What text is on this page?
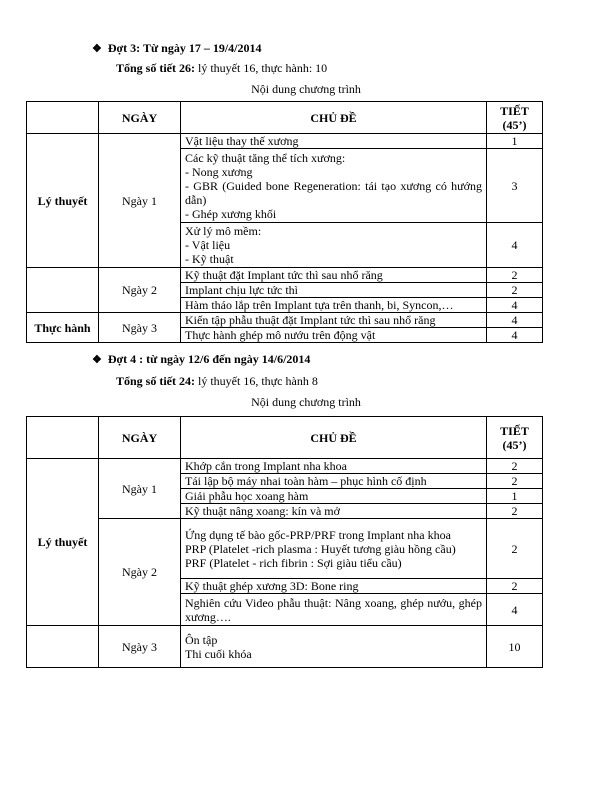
❖ Đợt 3: Từ ngày 17 – 19/4/2014
Tổng số tiết 26: lý thuyết 16, thực hành: 10
Nội dung chương trình
	NGÀY	CHỦ ĐỀ	TIẾT
(45’)

Lý thuyết	Ngày 1	Vật liệu thay thế xương	1

		Các kỹ thuật tăng thể tích xương:
- Nong xương
- GBR (Guided bone Regeneration: tái tạo xương có hướng dẫn)
- Ghép xương khối	3

		Xử lý mô mềm:
- Vật liệu
- Kỹ thuật	4
	Ngày 2	Kỹ thuật đặt Implant tức thì sau nhổ răng	2

		Implant chịu lực tức thì	2

		Hàm tháo lắp trên Implant tựa trên thanh, bi, Syncon,…	4
Thực hành	Ngày 3	Kiến tập phẫu thuật đặt Implant tức thì sau nhổ răng	4

		Thực hành ghép mô nướu trên động vật	4
❖ Đợt 4 : từ ngày 12/6 đến ngày 14/6/2014
Tổng số tiết 24: lý thuyết 16, thực hành 8
Nội dung chương trình
	NGÀY	CHỦ ĐỀ	TIẾT
(45’)

Lý thuyết	Ngày 1	Khớp cắn trong Implant nha khoa	2

		Tái lập bộ máy nhai toàn hàm – phục hình cố định	2

		Giải phẫu học xoang hàm	1

		Kỹ thuật nâng xoang: kín và mở	2
	Ngày 2	Ứng dụng tế bào gốc-PRP/PRF trong Implant nha khoa
PRP (Platelet -rich plasma : Huyết tương giàu hồng cầu)
PRF (Platelet - rich fibrin : Sợi giàu tiểu cầu)	2

		Kỹ thuật ghép xương 3D: Bone ring	2

		Nghiên cứu Video phẫu thuật: Nâng xoang, ghép nướu, ghép xương….	4
	Ngày 3	Ôn tập
Thi cuối khóa	10
